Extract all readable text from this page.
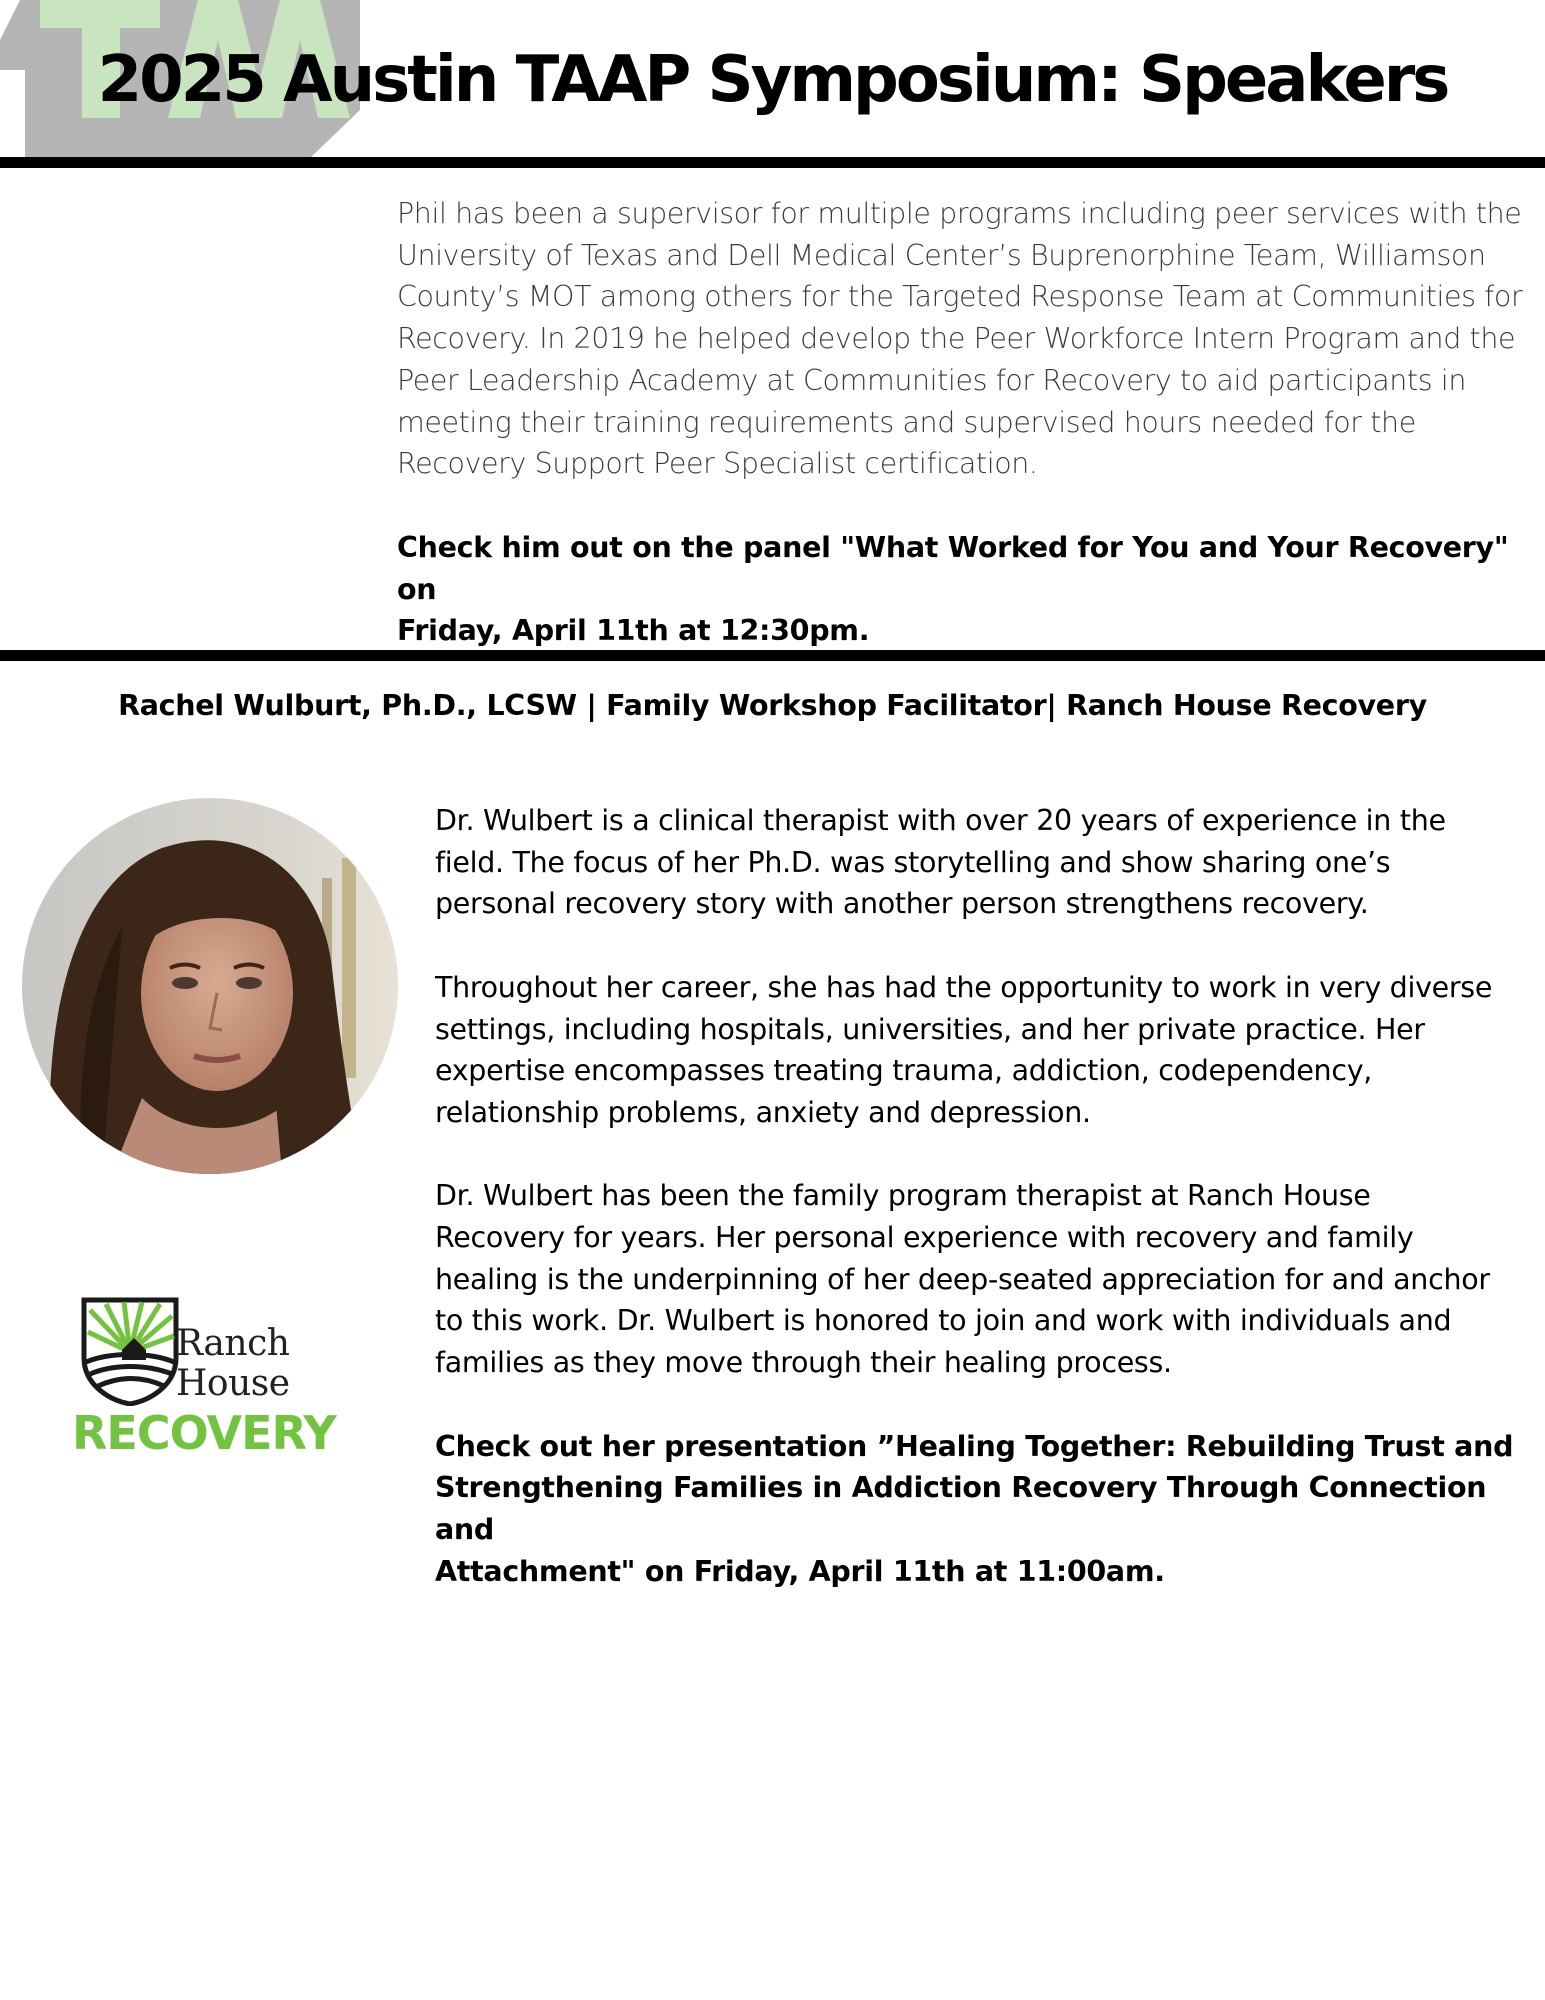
2025 Austin TAAP Symposium: Speakers
Phil has been a supervisor for multiple programs including peer services with the
University of Texas and Dell Medical Center’s Buprenorphine Team, Williamson
County’s MOT among others for the Targeted Response Team at Communities for
Recovery. In 2019 he helped develop the Peer Workforce Intern Program and the
Peer Leadership Academy at Communities for Recovery to aid participants in
meeting their training requirements and supervised hours needed for the
Recovery Support Peer Specialist certification.
Check him out on the panel "What Worked for You and Your Recovery" on
Friday, April 11th at 12:30pm.
Rachel Wulburt, Ph.D., LCSW | Family Workshop Facilitator| Ranch House Recovery

Dr. Wulbert is a clinical therapist with over 20 years of experience in the
field. The focus of her Ph.D. was storytelling and show sharing one’s
personal recovery story with another person strengthens recovery.

Throughout her career, she has had the opportunity to work in very diverse
settings, including hospitals, universities, and her private practice. Her
expertise encompasses treating trauma, addiction, codependency,
relationship problems, anxiety and depression.

Dr. Wulbert has been the family program therapist at Ranch House
Recovery for years. Her personal experience with recovery and family
healing is the underpinning of her deep-seated appreciation for and anchor
to this work. Dr. Wulbert is honored to join and work with individuals and
families as they move through their healing process.

Check out her presentation ”Healing Together: Rebuilding Trust and
Strengthening Families in Addiction Recovery Through Connection and
Attachment" on Friday, April 11th at 11:00am.

Ranch
House
RECOVERY
